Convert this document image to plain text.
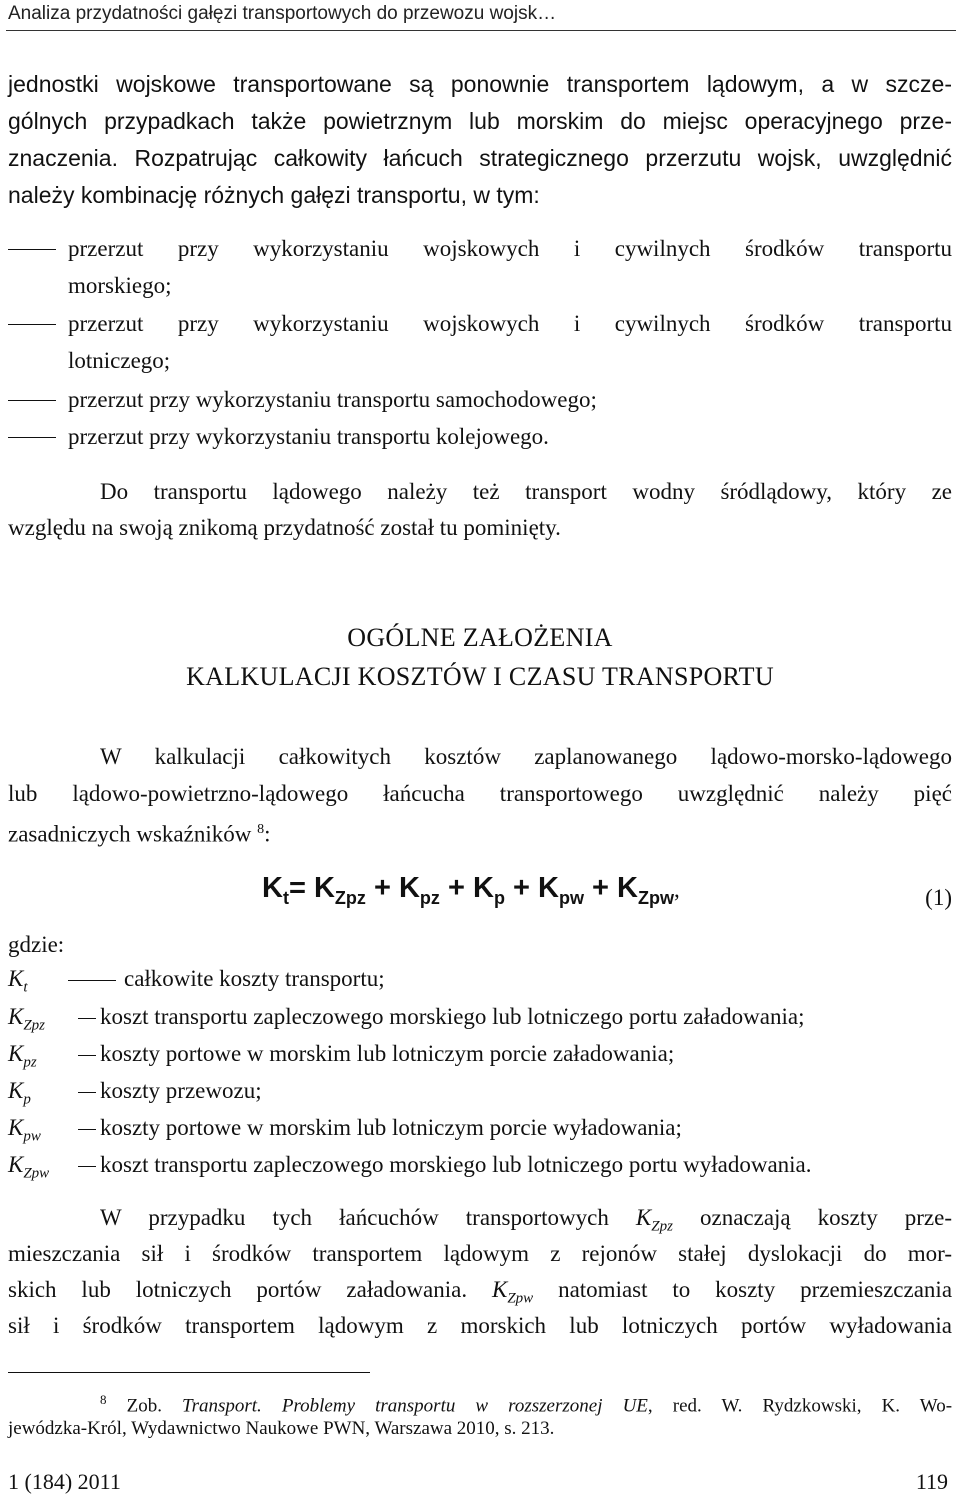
Analiza przydatności gałęzi transportowych do przewozu wojsk…
jednostki wojskowe transportowane są ponownie transportem lądowym, a w szcze-
gólnych przypadkach także powietrznym lub morskim do miejsc operacyjnego prze-
znaczenia. Rozpatrując całkowity łańcuch strategicznego przerzutu wojsk, uwzględnić
należy kombinację różnych gałęzi transportu, w tym:
przerzut przy wykorzystaniu wojskowych i cywilnych środków transportu
morskiego;
przerzut przy wykorzystaniu wojskowych i cywilnych środków transportu
lotniczego;
przerzut przy wykorzystaniu transportu samochodowego;
przerzut przy wykorzystaniu transportu kolejowego.
Do transportu lądowego należy też transport wodny śródlądowy, który ze
względu na swoją znikomą przydatność został tu pominięty.
OGÓLNE ZAŁOŻENIA
KALKULACJI KOSZTÓW I CZASU TRANSPORTU
W kalkulacji całkowitych kosztów zaplanowanego lądowo-morsko-lądowego
lub lądowo-powietrzno-lądowego łańcucha transportowego uwzględnić należy pięć
zasadniczych wskaźników $^8$:
$K_t= K_{Zpz} + K_{pz} + K_p + K_{pw} + K_{Zpw}$,	(1)
gdzie:
$K_t$	całkowite koszty transportu;
$K_{Zpz}$	koszt transportu zapleczowego morskiego lub lotniczego portu załadowania;
$K_{pz}$	koszty portowe w morskim lub lotniczym porcie załadowania;
$K_p$	koszty przewozu;
$K_{pw}$	koszty portowe w morskim lub lotniczym porcie wyładowania;
$K_{Zpw}$	koszt transportu zapleczowego morskiego lub lotniczego portu wyładowania.
W przypadku tych łańcuchów transportowych $K_{Zpz}$ oznaczają koszty prze-
mieszczania sił i środków transportem lądowym z rejonów stałej dyslokacji do mor-
skich lub lotniczych portów załadowania. $K_{Zpw}$ natomiast to koszty przemieszczania
sił i środków transportem lądowym z morskich lub lotniczych portów wyładowania
$^8$ Zob. Transport. Problemy transportu w rozszerzonej UE, red. W. Rydzkowski, K. Wo-
jewódzka-Król, Wydawnictwo Naukowe PWN, Warszawa 2010, s. 213.
1 (184) 2011	119
